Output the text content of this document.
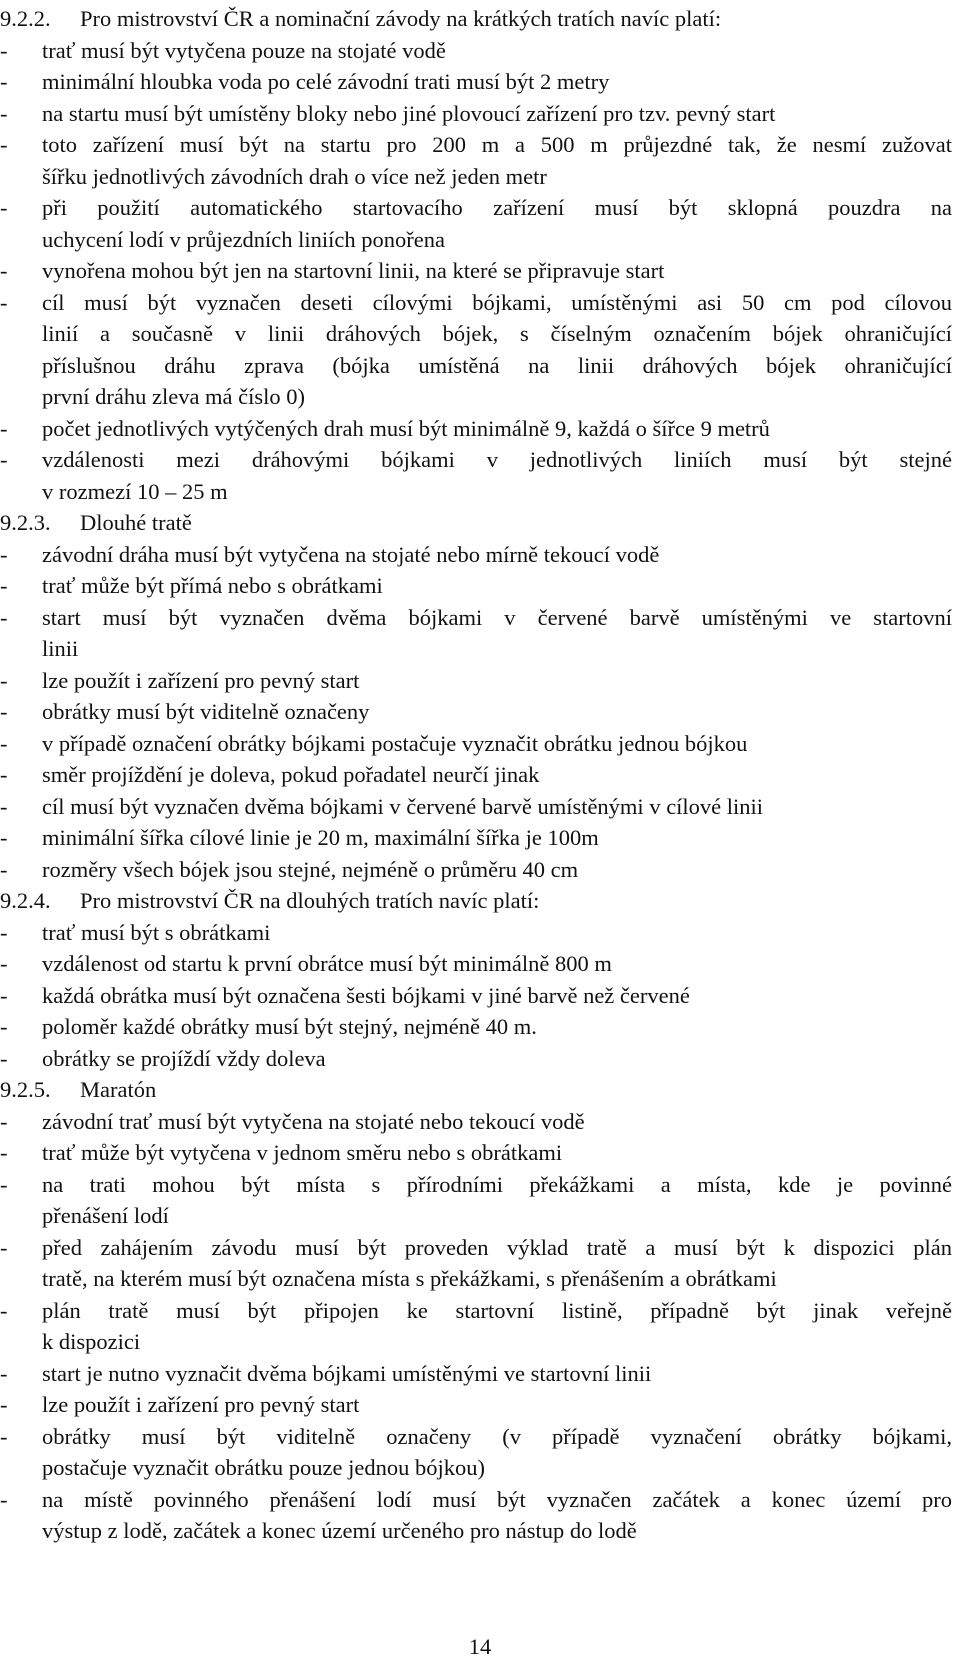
9.2.2. Pro mistrovství ČR a nominační závody na krátkých tratích navíc platí:
- trať musí být vytyčena pouze na stojaté vodě
- minimální hloubka voda po celé závodní trati musí být 2 metry
- na startu musí být umístěny bloky nebo jiné plovoucí zařízení pro tzv. pevný start
- toto zařízení musí být na startu pro 200 m a 500 m průjezdné tak, že nesmí zužovat
šířku jednotlivých závodních drah o více než jeden metr
- při použití automatického startovacího zařízení musí být sklopná pouzdra na
uchycení lodí v průjezdních liniích ponořena
- vynořena mohou být jen na startovní linii, na které se připravuje start
- cíl musí být vyznačen deseti cílovými bójkami, umístěnými asi 50 cm pod cílovou
linií a současně v linii dráhových bójek, s číselným označením bójek ohraničující
příslušnou dráhu zprava (bójka umístěná na linii dráhových bójek ohraničující
první dráhu zleva má číslo 0)
- počet jednotlivých vytýčených drah musí být minimálně 9, každá o šířce 9 metrů
- vzdálenosti mezi dráhovými bójkami v jednotlivých liniích musí být stejné
v rozmezí 10 – 25 m
9.2.3. Dlouhé tratě
- závodní dráha musí být vytyčena na stojaté nebo mírně tekoucí vodě
- trať může být přímá nebo s obrátkami
- start musí být vyznačen dvěma bójkami v červené barvě umístěnými ve startovní
linii
- lze použít i zařízení pro pevný start
- obrátky musí být viditelně označeny
- v případě označení obrátky bójkami postačuje vyznačit obrátku jednou bójkou
- směr projíždění je doleva, pokud pořadatel neurčí jinak
- cíl musí být vyznačen dvěma bójkami v červené barvě umístěnými v cílové linii
- minimální šířka cílové linie je 20 m, maximální šířka je 100m
- rozměry všech bójek jsou stejné, nejméně o průměru 40 cm
9.2.4. Pro mistrovství ČR na dlouhých tratích navíc platí:
- trať musí být s obrátkami
- vzdálenost od startu k první obrátce musí být minimálně 800 m
- každá obrátka musí být označena šesti bójkami v jiné barvě než červené
- poloměr každé obrátky musí být stejný, nejméně 40 m.
- obrátky se projíždí vždy doleva
9.2.5. Maratón
- závodní trať musí být vytyčena na stojaté nebo tekoucí vodě
- trať může být vytyčena v jednom směru nebo s obrátkami
- na trati mohou být místa s přírodními překážkami a místa, kde je povinné
přenášení lodí
- před zahájením závodu musí být proveden výklad tratě a musí být k dispozici plán
tratě, na kterém musí být označena místa s překážkami, s přenášením a obrátkami
- plán tratě musí být připojen ke startovní listině, případně být jinak veřejně
k dispozici
- start je nutno vyznačit dvěma bójkami umístěnými ve startovní linii
- lze použít i zařízení pro pevný start
- obrátky musí být viditelně označeny (v případě vyznačení obrátky bójkami,
postačuje vyznačit obrátku pouze jednou bójkou)
- na místě povinného přenášení lodí musí být vyznačen začátek a konec území pro
výstup z lodě, začátek a konec území určeného pro nástup do lodě
14
